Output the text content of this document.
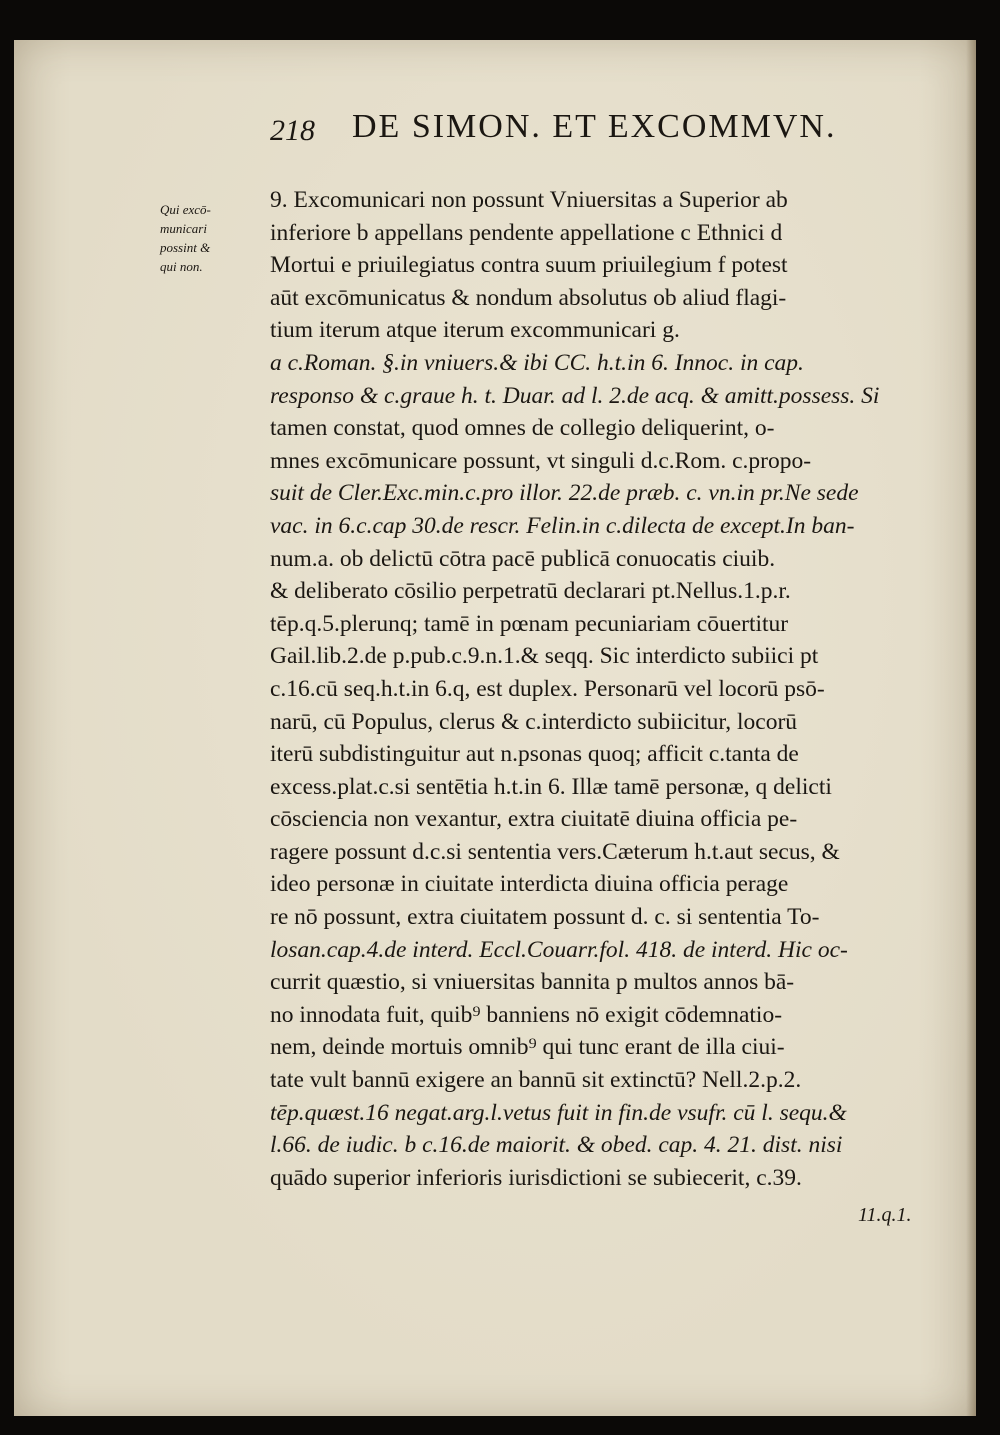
218 DE SIMON. ET EXCOMMVN.
Qui excō-
municari
possint &
qui non.
9. Excomunicari non possunt Vniuersitas a Superior ab
inferiore b appellans pendente appellatione c Ethnici d
Mortui e priuilegiatus contra suum priuilegium f potest
aūt excōmunicatus & nondum absolutus ob aliud flagi-
tium iterum atque iterum excommunicari g.
a c.Roman. §.in vniuers.& ibi CC. h.t.in 6. Innoc. in cap.
responso & c.graue h. t. Duar. ad l. 2.de acq. & amitt.possess. Si
tamen constat, quod omnes de collegio deliquerint, o-
mnes excōmunicare possunt, vt singuli d.c.Rom. c.propo-
suit de Cler.Exc.min.c.pro illor. 22.de præb. c. vn.in pr.Ne sede
vac. in 6.c.cap 30.de rescr. Felin.in c.dilecta de except.In ban-
num.a. ob delictū cōtra pacē publicā conuocatis ciuib.
& deliberato cōsilio perpetratū declarari pt.Nellus.1.p.r.
tēp.q.5.plerunq; tamē in pœnam pecuniariam cōuertitur
Gail.lib.2.de p.pub.c.9.n.1.& seqq. Sic interdicto subiici pt
c.16.cū seq.h.t.in 6.q, est duplex. Personarū vel locorū psō-
narū, cū Populus, clerus & c.interdicto subiicitur, locorū
iterū subdistinguitur aut n.psonas quoq; afficit c.tanta de
excess.plat.c.si sentētia h.t.in 6. Illæ tamē personæ, q delicti
cōsciencia non vexantur, extra ciuitatē diuina officia pe-
ragere possunt d.c.si sententia vers.Cæterum h.t.aut secus, &
ideo personæ in ciuitate interdicta diuina officia perage
re nō possunt, extra ciuitatem possunt d. c. si sententia To-
losan.cap.4.de interd. Eccl.Couarr.fol. 418. de interd. Hic oc-
currit quæstio, si vniuersitas bannita p multos annos bā-
no innodata fuit, quib⁹ banniens nō exigit cōdemnatio-
nem, deinde mortuis omnib⁹ qui tunc erant de illa ciui-
tate vult bannū exigere an bannū sit extinctū? Nell.2.p.2.
tēp.quæst.16 negat.arg.l.vetus fuit in fin.de vsufr. cū l. sequ.&
l.66. de iudic. b c.16.de maiorit. & obed. cap. 4. 21. dist. nisi
quādo superior inferioris iurisdictioni se subiecerit, c.39.
11.q.1.
